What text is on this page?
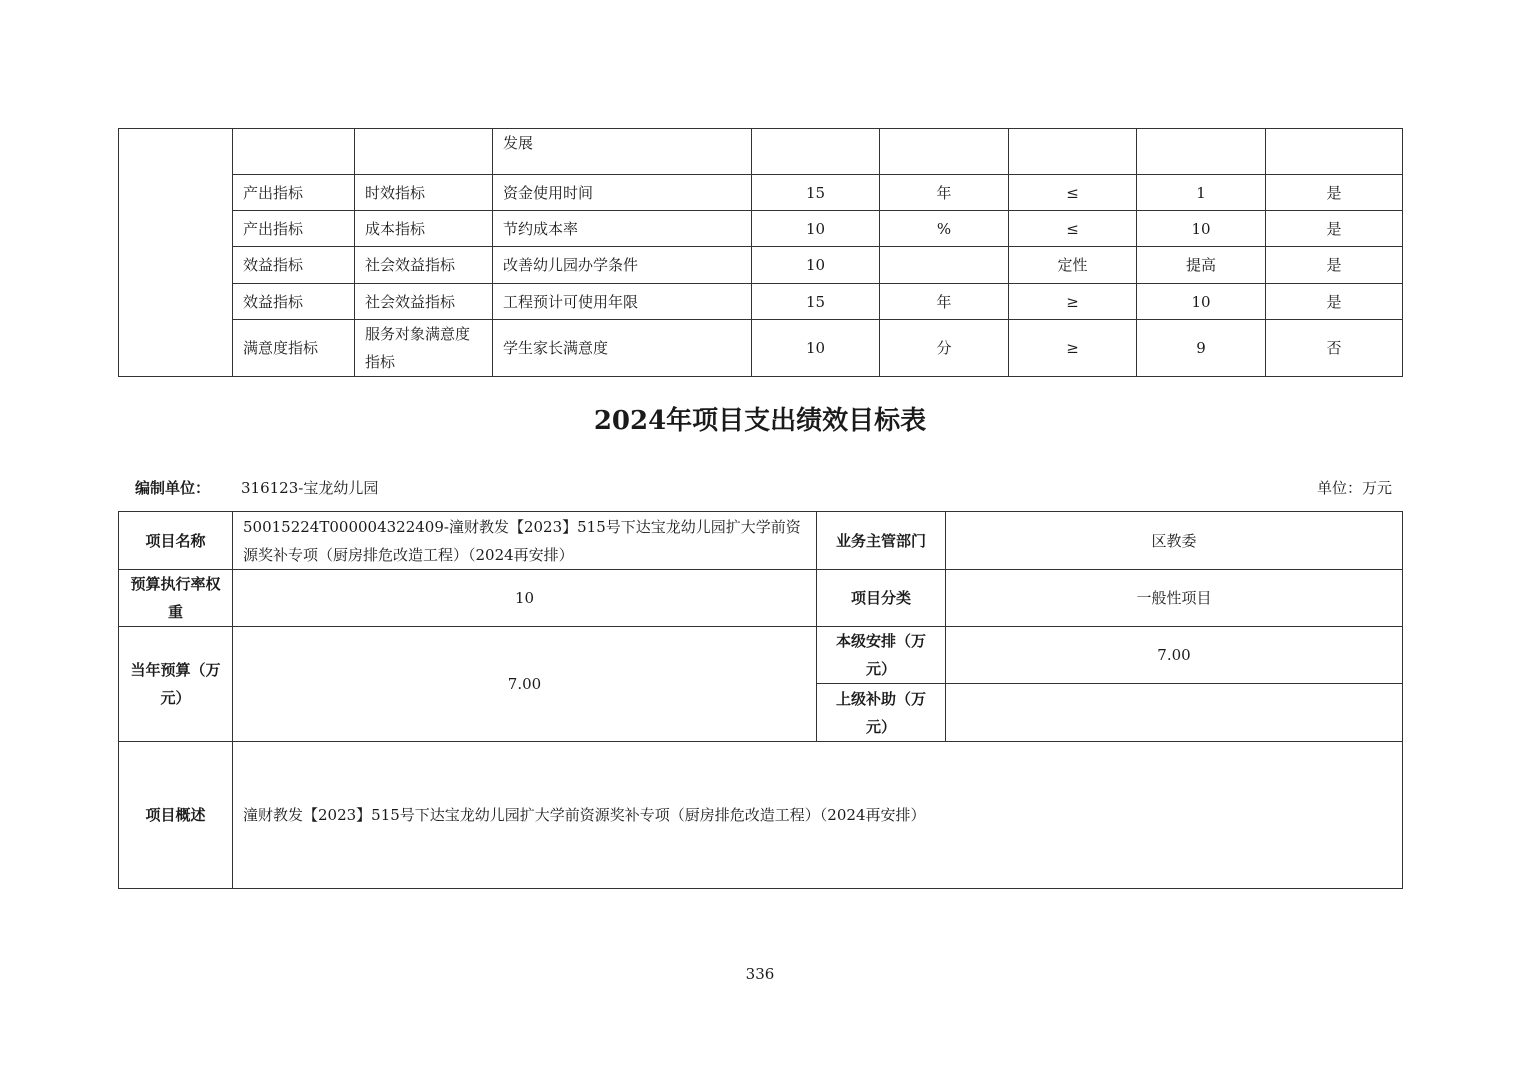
			发展					
	产出指标	时效指标	资金使用时间	15	年	≤	1	是
	产出指标	成本指标	节约成本率	10	%	≤	10	是
	效益指标	社会效益指标	改善幼儿园办学条件	10		定性	提高	是
	效益指标	社会效益指标	工程预计可使用年限	15	年	≥	10	是
	满意度指标	服务对象满意度指标	学生家长满意度	10	分	≥	9	否
2024年项目支出绩效目标表
编制单位： 316123-宝龙幼儿园	单位：万元
项目名称	50015224T000004322409-潼财教发【2023】515号下达宝龙幼儿园扩大学前资源奖补专项（厨房排危改造工程）（2024再安排）	业务主管部门	区教委
预算执行率权重	10	项目分类	一般性项目
当年预算（万元）	7.00	本级安排（万元）	7.00
		上级补助（万元）	
项目概述	潼财教发【2023】515号下达宝龙幼儿园扩大学前资源奖补专项（厨房排危改造工程）（2024再安排）		
336
